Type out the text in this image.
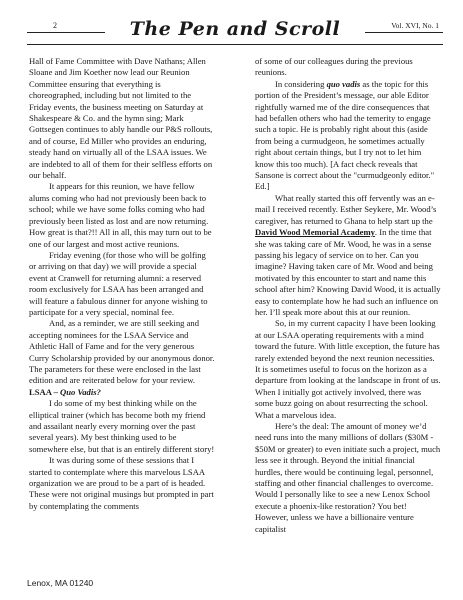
2	The Pen and Scroll	Vol. XVI, No. 1

Hall of Fame Committee with Dave Nathans; Allen Sloane and Jim Koether now lead our Reunion Committee ensuring that everything is choreographed, including but not limited to the Friday events, the business meeting on Saturday at Shakespeare & Co. and the hymn sing; Mark Gottsegen continues to ably handle our P&S rollouts, and of course, Ed Miller who provides an enduring, steady hand on virtually all of the LSAA issues. We are indebted to all of them for their selfless efforts on our behalf.

It appears for this reunion, we have fellow alums coming who had not previously been back to school; while we have some folks coming who had previously been listed as lost and are now returning. How great is that?!! All in all, this may turn out to be one of our largest and most active reunions.

Friday evening (for those who will be golfing or arriving on that day) we will provide a special event at Cranwell for returning alumni: a reserved room exclusively for LSAA has been arranged and will feature a fabulous dinner for anyone wishing to participate for a very special, nominal fee.

And, as a reminder, we are still seeking and accepting nominees for the LSAA Service and Athletic Hall of Fame and for the very generous Curry Scholarship provided by our anonymous donor. The parameters for these were enclosed in the last edition and are reiterated below for your review.

LSAA – Quo Vadis?

I do some of my best thinking while on the elliptical trainer (which has become both my friend and assailant nearly every morning over the past several years). My best thinking used to be somewhere else, but that is an entirely different story!

It was during some of these sessions that I started to contemplate where this marvelous LSAA organization we are proud to be a part of is headed. These were not original musings but prompted in part by contemplating the comments

of some of our colleagues during the previous reunions.

In considering quo vadis as the topic for this portion of the President’s message, our able Editor rightfully warned me of the dire consequences that had befallen others who had the temerity to engage such a topic. He is probably right about this (aside from being a curmudgeon, he sometimes actually right about certain things, but I try not to let him know this too much). [A fact check reveals that Sansone is correct about the "curmudgeonly editor." Ed.]

What really started this off fervently was an e-mail I received recently. Esther Seykere, Mr. Wood’s caregiver, has returned to Ghana to help start up the David Wood Memorial Academy. In the time that she was taking care of Mr. Wood, he was in a sense passing his legacy of service on to her. Can you imagine? Having taken care of Mr. Wood and being motivated by this encounter to start and name this school after him? Knowing David Wood, it is actually easy to contemplate how he had such an influence on her. I’ll speak more about this at our reunion.

So, in my current capacity I have been looking at our LSAA operating requirements with a mind toward the future. With little exception, the future has rarely extended beyond the next reunion necessities. It is sometimes useful to focus on the horizon as a departure from looking at the landscape in front of us. When I initially got actively involved, there was some buzz going on about resurrecting the school. What a marvelous idea.

Here’s the deal: The amount of money we’d need runs into the many millions of dollars ($30M - $50M or greater) to even initiate such a project, much less see it through. Beyond the initial financial hurdles, there would be continuing legal, personnel, staffing and other financial challenges to overcome. Would I personally like to see a new Lenox School execute a phoenix-like restoration? You bet! However, unless we have a billionaire venture capitalist

Lenox, MA 01240
